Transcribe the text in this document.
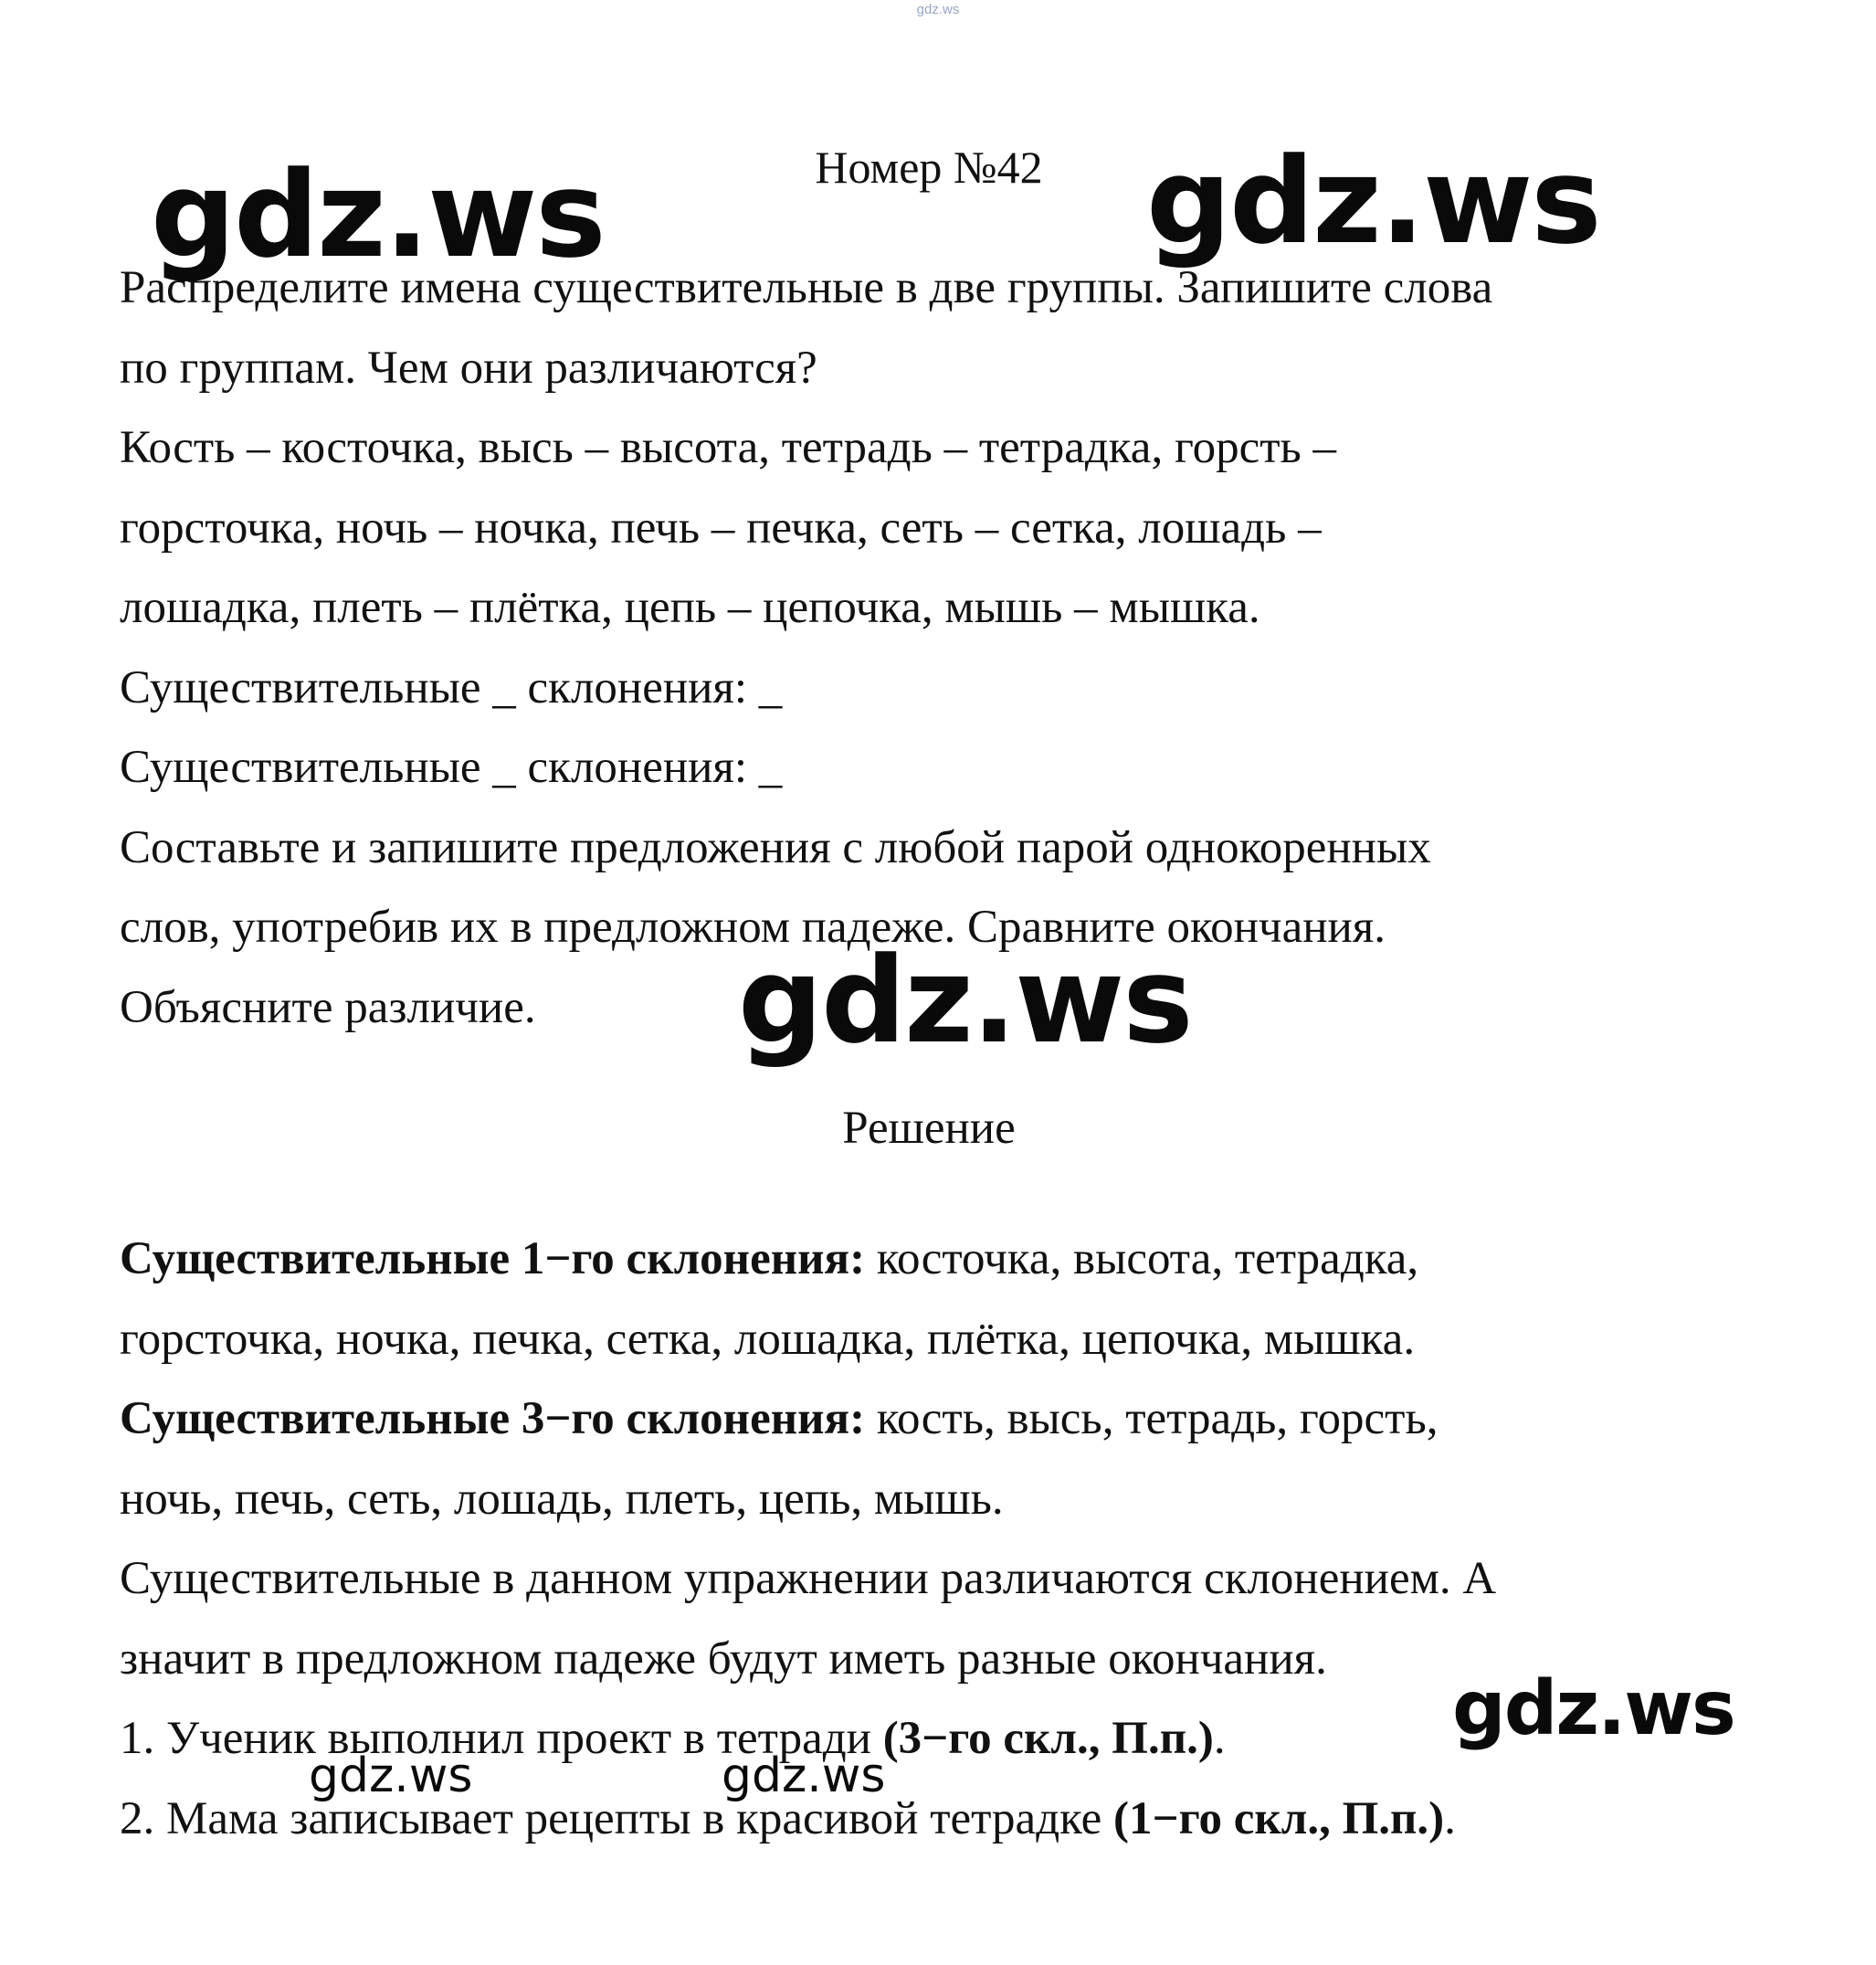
gdz.ws
Номер №42
Распределите имена существительные в две группы. Запишите слова
по группам. Чем они различаются?
Кость – косточка, высь – высота, тетрадь – тетрадка, горсть –
горсточка, ночь – ночка, печь – печка, сеть – сетка, лошадь –
лошадка, плеть – плётка, цепь – цепочка, мышь – мышка.
Существительные _ склонения: _
Существительные _ склонения: _
Составьте и запишите предложения с любой парой однокоренных
слов, употребив их в предложном падеже. Сравните окончания.
Объясните различие.
Решение
Существительные 1−го склонения: косточка, высота, тетрадка,
горсточка, ночка, печка, сетка, лошадка, плётка, цепочка, мышка.
Существительные 3−го склонения: кость, высь, тетрадь, горсть,
ночь, печь, сеть, лошадь, плеть, цепь, мышь.
Существительные в данном упражнении различаются склонением. А
значит в предложном падеже будут иметь разные окончания.
1. Ученик выполнил проект в тетради (3−го скл., П.п.).
2. Мама записывает рецепты в красивой тетрадке (1−го скл., П.п.).
gdz.ws	gdz.ws
gdz.ws
gdz.ws
gdz.ws	gdz.ws
